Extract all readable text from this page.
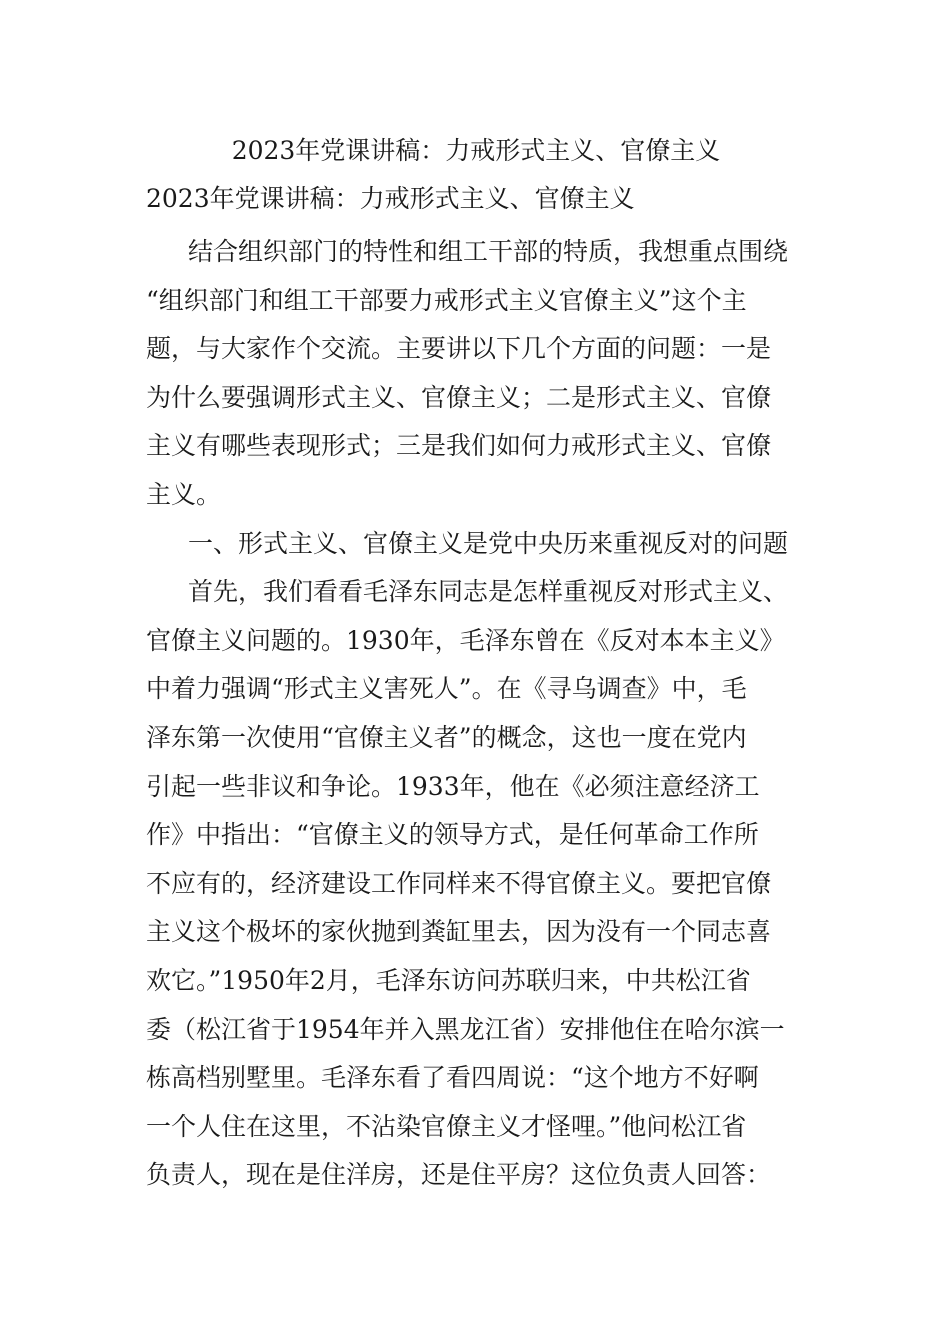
2023年党课讲稿：力戒形式主义、官僚主义
2023年党课讲稿：力戒形式主义、官僚主义
结合组织部门的特性和组工干部的特质，我想重点围绕
“组织部门和组工干部要力戒形式主义官僚主义”这个主
题，与大家作个交流。主要讲以下几个方面的问题：一是
为什么要强调形式主义、官僚主义；二是形式主义、官僚
主义有哪些表现形式；三是我们如何力戒形式主义、官僚
主义。
一、形式主义、官僚主义是党中央历来重视反对的问题
首先，我们看看毛泽东同志是怎样重视反对形式主义、
官僚主义问题的。1930年，毛泽东曾在《反对本本主义》
中着力强调“形式主义害死人”。在《寻乌调查》中，毛
泽东第一次使用“官僚主义者”的概念，这也一度在党内
引起一些非议和争论。1933年，他在《必须注意经济工
作》中指出：“官僚主义的领导方式，是任何革命工作所
不应有的，经济建设工作同样来不得官僚主义。要把官僚
主义这个极坏的家伙抛到粪缸里去，因为没有一个同志喜
欢它。”1950年2月，毛泽东访问苏联归来，中共松江省
委（松江省于1954年并入黑龙江省）安排他住在哈尔滨一
栋高档别墅里。毛泽东看了看四周说：“这个地方不好啊
一个人住在这里，不沾染官僚主义才怪哩。”他问松江省
负责人，现在是住洋房，还是住平房？这位负责人回答：
